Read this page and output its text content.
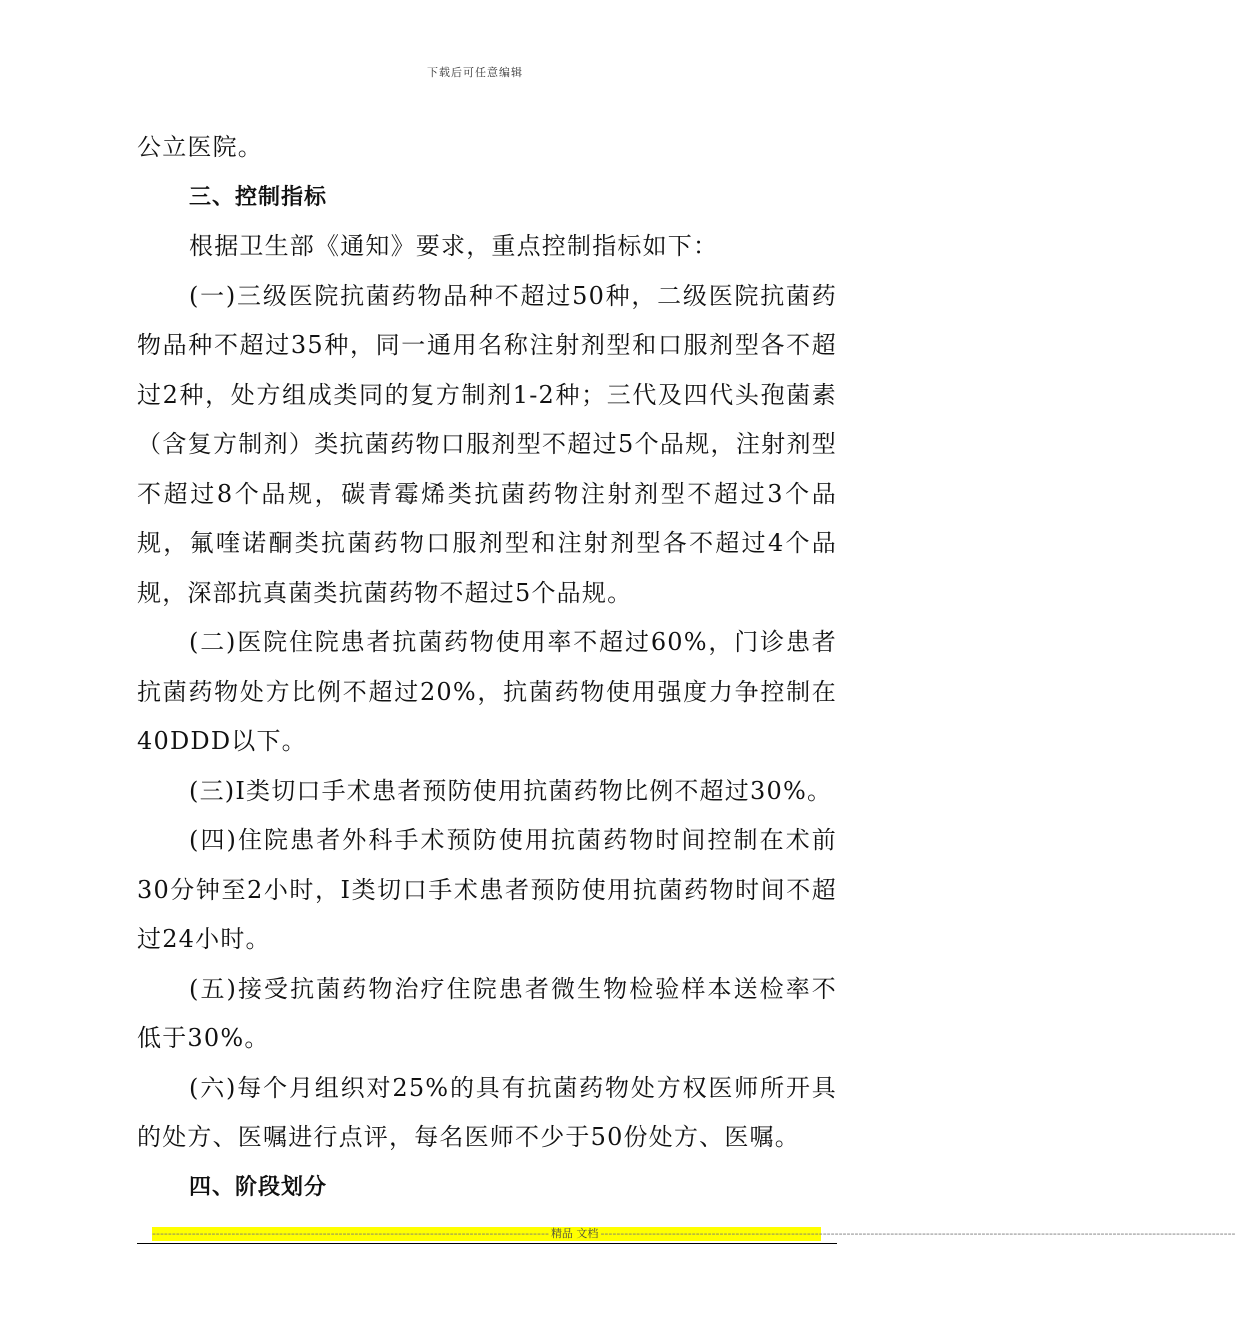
下载后可任意编辑

公立医院。

三、控制指标

根据卫生部《通知》要求，重点控制指标如下：

(一)三级医院抗菌药物品种不超过50种，二级医院抗菌药物品种不超过35种，同一通用名称注射剂型和口服剂型各不超过2种，处方组成类同的复方制剂1-2种；三代及四代头孢菌素（含复方制剂）类抗菌药物口服剂型不超过5个品规，注射剂型不超过8个品规，碳青霉烯类抗菌药物注射剂型不超过3个品规，氟喹诺酮类抗菌药物口服剂型和注射剂型各不超过4个品规，深部抗真菌类抗菌药物不超过5个品规。

(二)医院住院患者抗菌药物使用率不超过60%，门诊患者抗菌药物处方比例不超过20%，抗菌药物使用强度力争控制在40DDD以下。

(三)I类切口手术患者预防使用抗菌药物比例不超过30%。

(四)住院患者外科手术预防使用抗菌药物时间控制在术前30分钟至2小时，I类切口手术患者预防使用抗菌药物时间不超过24小时。

(五)接受抗菌药物治疗住院患者微生物检验样本送检率不低于30%。

(六)每个月组织对25%的具有抗菌药物处方权医师所开具的处方、医嘱进行点评，每名医师不少于50份处方、医嘱。

四、阶段划分

---------------------------------------------------------------------------------------------------- 精品 文档 ----------------------------------------------------------------------------------------------------------------------------------------------------------------
